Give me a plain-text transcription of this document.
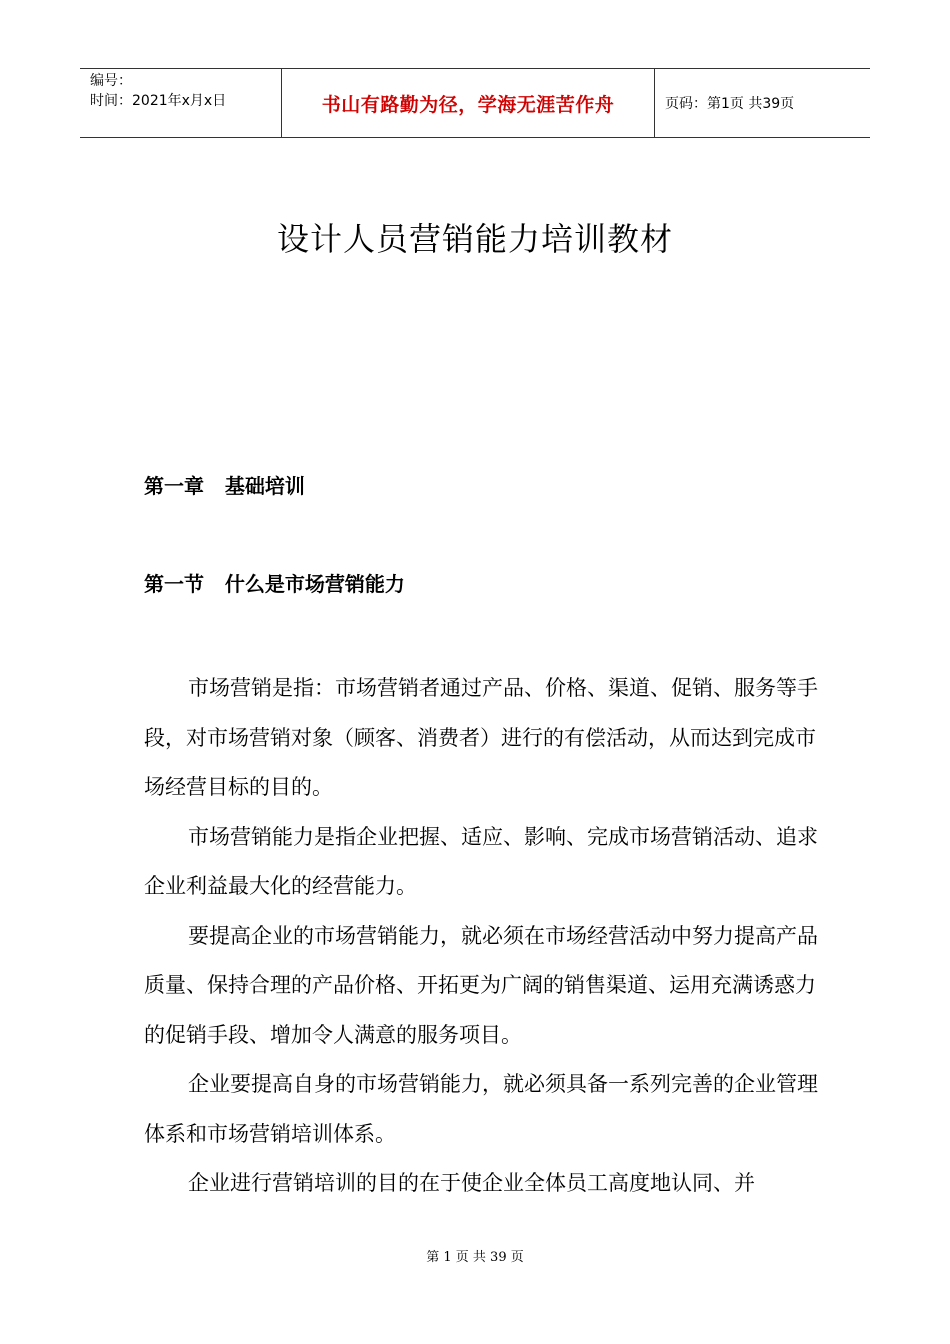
编号：
时间：2021年x月x日	书山有路勤为径，学海无涯苦作舟	页码：第1页 共39页
设计人员营销能力培训教材
第一章   基础培训
第一节   什么是市场营销能力

市场营销是指：市场营销者通过产品、价格、渠道、促销、服务等手段，对市场营销对象（顾客、消费者）进行的有偿活动，从而达到完成市场经营目标的目的。

市场营销能力是指企业把握、适应、影响、完成市场营销活动、追求企业利益最大化的经营能力。

要提高企业的市场营销能力，就必须在市场经营活动中努力提高产品质量、保持合理的产品价格、开拓更为广阔的销售渠道、运用充满诱惑力的促销手段、增加令人满意的服务项目。

企业要提高自身的市场营销能力，就必须具备一系列完善的企业管理体系和市场营销培训体系。

企业进行营销培训的目的在于使企业全体员工高度地认同、并

第 1 页 共 39 页
